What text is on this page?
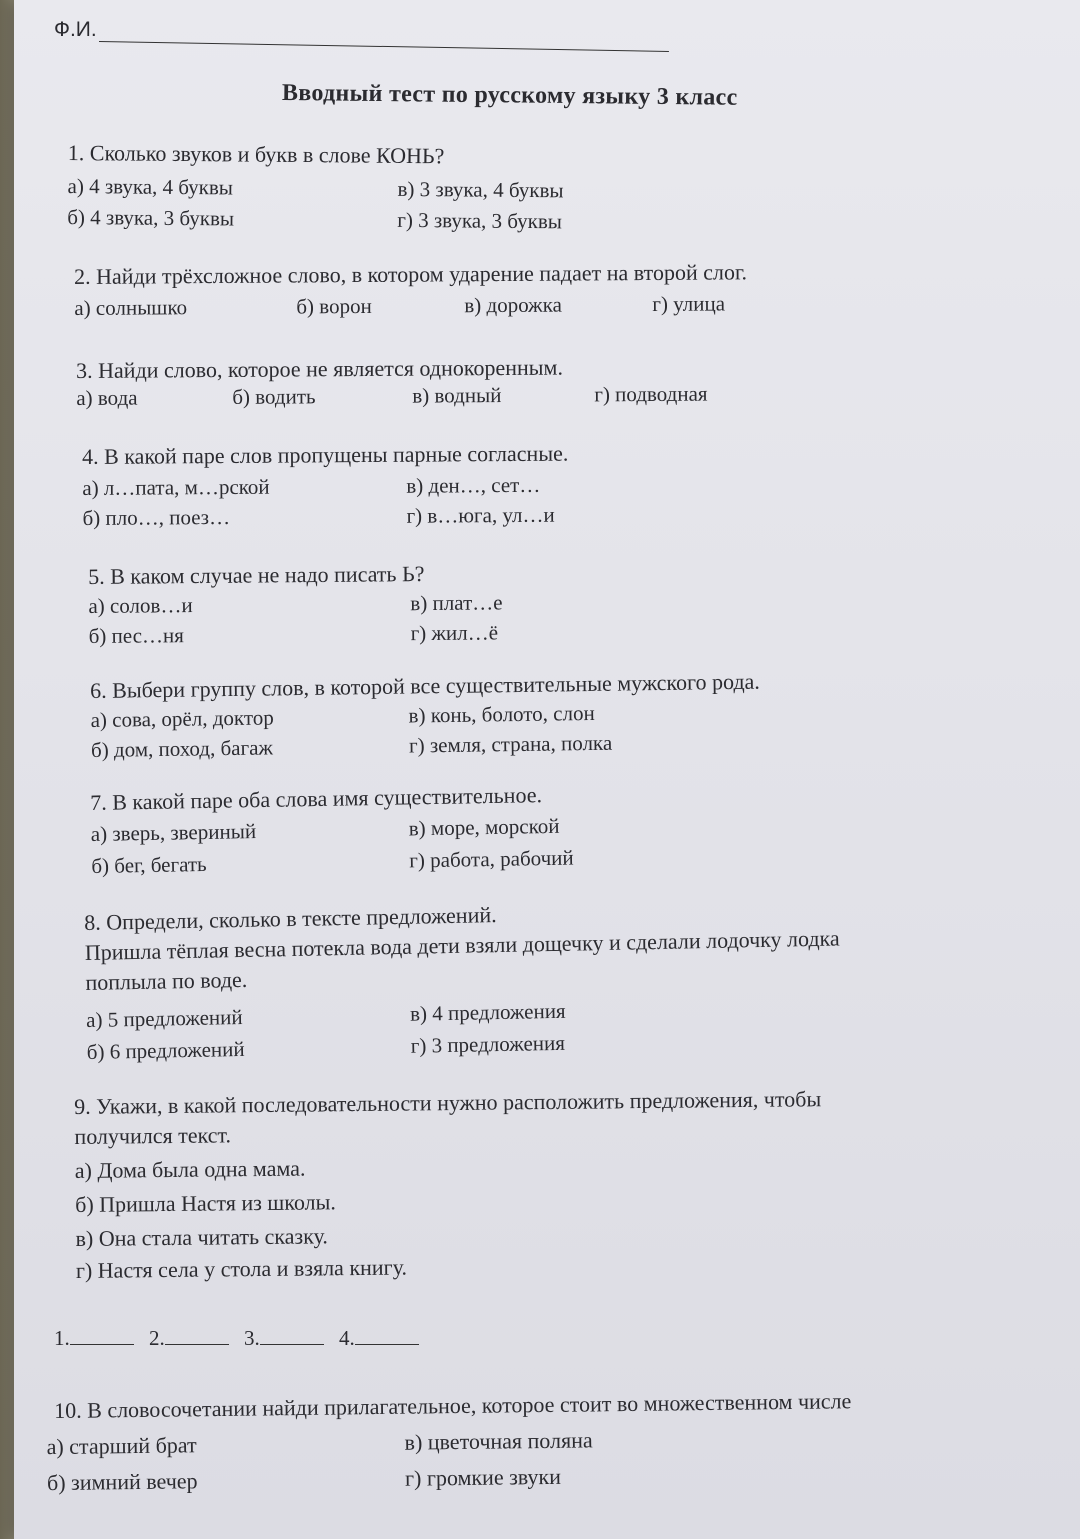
Ф.И.
Вводный тест по русскому языку 3 класс
1. Сколько звуков и букв в слове КОНЬ?
а) 4 звука, 4 буквы	в) 3 звука, 4 буквы
б) 4 звука, 3 буквы	г) 3 звука, 3 буквы
2. Найди трёхсложное слово, в котором ударение падает на второй слог.
а) солнышко	б) ворон	в) дорожка	г) улица
3. Найди слово, которое не является однокоренным.
а) вода	б) водить	в) водный	г) подводная
4. В какой паре слов пропущены парные согласные.
а) л…пата, м…рской	в) ден…, сет…
б) пло…, поез…	г) в…юга, ул…и
5. В каком случае не надо писать Ь?
а) солов…и	в) плат…е
б) пес…ня	г) жил…ё
6. Выбери группу слов, в которой все существительные мужского рода.
а) сова, орёл, доктор	в) конь, болото, слон
б) дом, поход, багаж	г) земля, страна, полка
7. В какой паре оба слова имя существительное.
а) зверь, звериный	в) море, морской
б) бег, бегать	г) работа, рабочий
8. Определи, сколько в тексте предложений.
Пришла тёплая весна потекла вода дети взяли дощечку и сделали лодочку лодка
поплыла по воде.
а) 5 предложений	в) 4 предложения
б) 6 предложений	г) 3 предложения
9. Укажи, в какой последовательности нужно расположить предложения, чтобы
получился текст.
а) Дома была одна мама.
б) Пришла Настя из школы.
в) Она стала читать сказку.
г) Настя села у стола и взяла книгу.
1.	2.	3.	4.
10. В словосочетании найди прилагательное, которое стоит во множественном числе
а) старший брат	в) цветочная поляна
б) зимний вечер	г) громкие звуки
